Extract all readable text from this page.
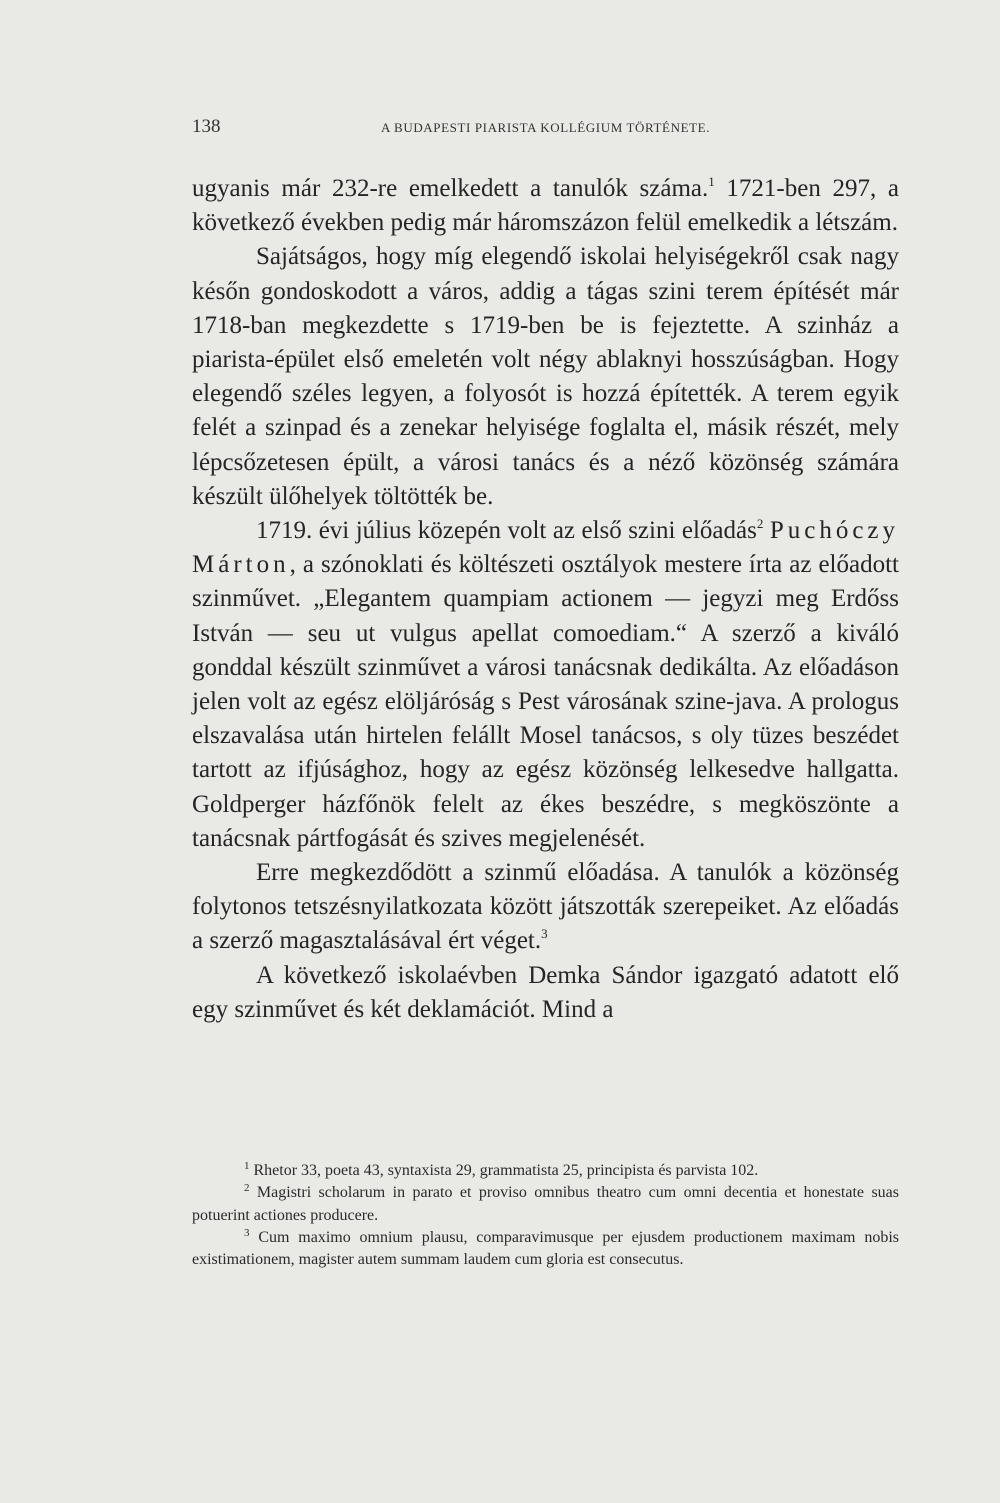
138	A BUDAPESTI PIARISTA KOLLÉGIUM TÖRTÉNETE.

ugyanis már 232-re emelkedett a tanulók száma.$^1$ 1721-ben 297, a következő években pedig már háromszázon felül emelkedik a létszám.

Sajátságos, hogy míg elegendő iskolai helyiségekről csak nagy későn gondoskodott a város, addig a tágas szini terem építését már 1718-ban megkezdette s 1719-ben be is fejeztette. A szinház a piarista-épület első emeletén volt négy ablaknyi hosszúságban. Hogy elegendő széles legyen, a folyosót is hozzá építették. A terem egyik felét a szinpad és a zenekar helyisége foglalta el, másik részét, mely lépcsőzetesen épült, a városi tanács és a néző közönség számára készült ülőhelyek töltötték be.

1719. évi július közepén volt az első szini előadás$^2$ Puchóczy Márton, a szónoklati és költészeti osztályok mestere írta az előadott szinművet. „Elegantem quampiam actionem — jegyzi meg Erdőss István — seu ut vulgus apellat comoediam.“ A szerző a kiváló gonddal készült szinművet a városi tanácsnak dedikálta. Az előadáson jelen volt az egész elöljáróság s Pest városának szine-java. A prologus elszavalása után hirtelen felállt Mosel tanácsos, s oly tüzes beszédet tartott az ifjúsághoz, hogy az egész közönség lelkesedve hallgatta. Goldperger házfőnök felelt az ékes beszédre, s megköszönte a tanácsnak pártfogását és szives megjelenését.

Erre megkezdődött a szinmű előadása. A tanulók a közönség folytonos tetszésnyilatkozata között játszották szerepeiket. Az előadás a szerző magasztalásával ért véget.$^3$

A következő iskolaévben Demka Sándor igazgató adatott elő egy szinművet és két deklamációt. Mind a

$^1$ Rhetor 33, poeta 43, syntaxista 29, grammatista 25, principista és parvista 102.

$^2$ Magistri scholarum in parato et proviso omnibus theatro cum omni decentia et honestate suas potuerint actiones producere.

$^3$ Cum maximo omnium plausu, comparavimusque per ejusdem productionem maximam nobis existimationem, magister autem summam laudem cum gloria est consecutus.
